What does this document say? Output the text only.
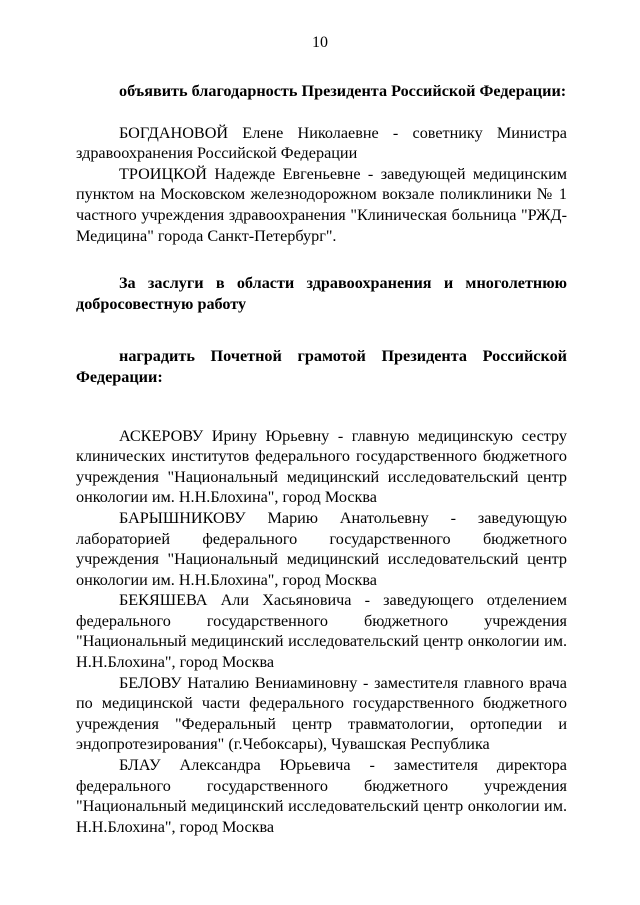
10

объявить благодарность Президента Российской Федерации:

БОГДАНОВОЙ Елене Николаевне - советнику Министра здравоохранения Российской Федерации

ТРОИЦКОЙ Надежде Евгеньевне - заведующей медицинским пунктом на Московском железнодорожном вокзале поликлиники № 1 частного учреждения здравоохранения "Клиническая больница "РЖД-Медицина" города Санкт-Петербург".

За заслуги в области здравоохранения и многолетнюю добросовестную работу

наградить Почетной грамотой Президента Российской Федерации:

АСКЕРОВУ Ирину Юрьевну - главную медицинскую сестру клинических институтов федерального государственного бюджетного учреждения "Национальный медицинский исследовательский центр онкологии им. Н.Н.Блохина", город Москва

БАРЫШНИКОВУ Марию Анатольевну - заведующую лабораторией федерального государственного бюджетного учреждения "Национальный медицинский исследовательский центр онкологии им. Н.Н.Блохина", город Москва

БЕКЯШЕВА Али Хасьяновича - заведующего отделением федерального государственного бюджетного учреждения "Национальный медицинский исследовательский центр онкологии им. Н.Н.Блохина", город Москва

БЕЛОВУ Наталию Вениаминовну - заместителя главного врача по медицинской части федерального государственного бюджетного учреждения "Федеральный центр травматологии, ортопедии и эндопротезирования" (г.Чебоксары), Чувашская Республика

БЛАУ Александра Юрьевича - заместителя директора федерального государственного бюджетного учреждения "Национальный медицинский исследовательский центр онкологии им. Н.Н.Блохина", город Москва
